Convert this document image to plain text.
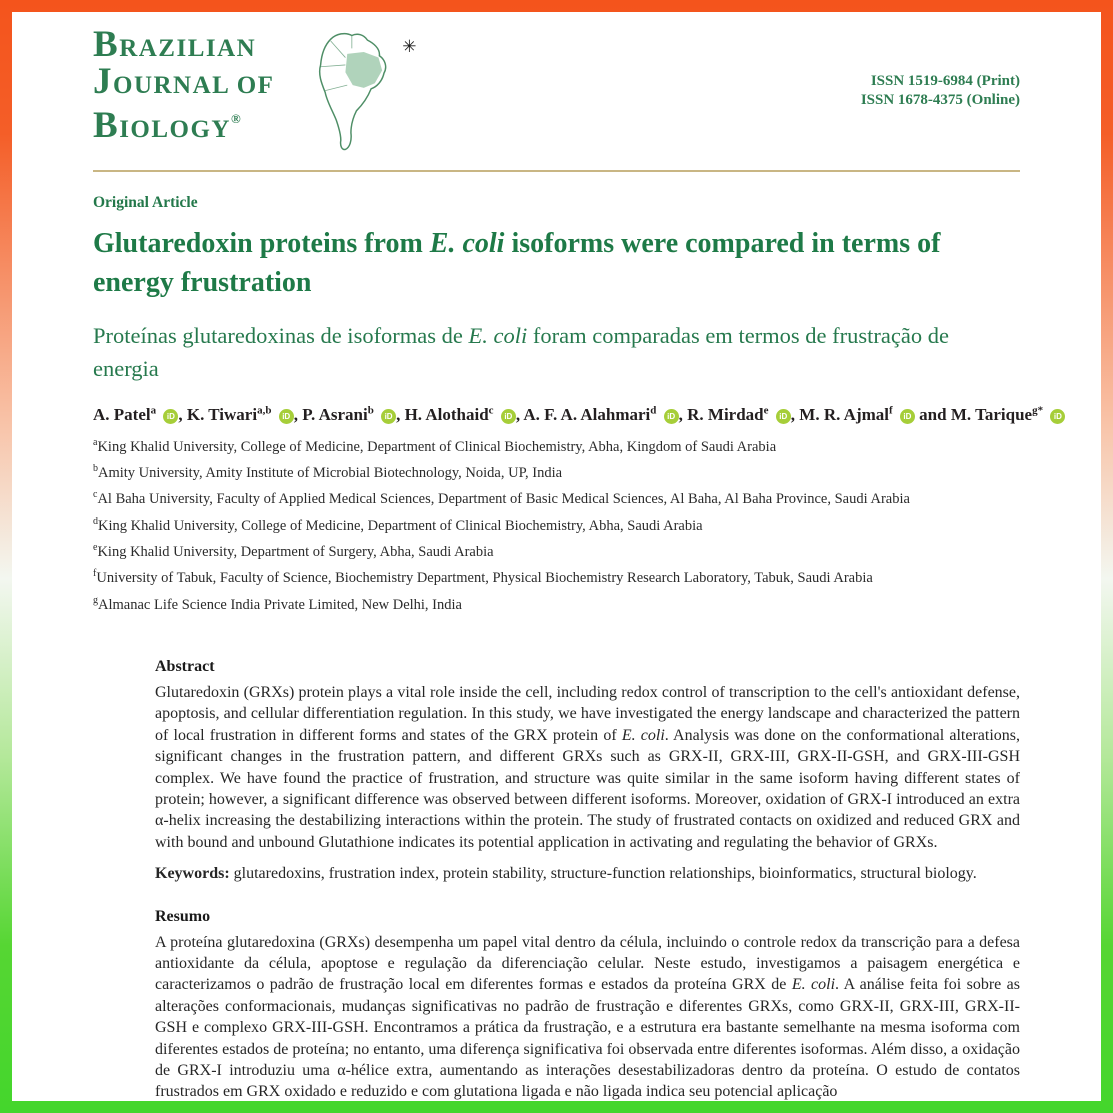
BRAZILIAN
JOURNAL OF
BIOLOGY®
✳
ISSN 1519-6984 (Print)
ISSN 1678-4375 (Online)
Original Article
Glutaredoxin proteins from E. coli isoforms were compared in terms of energy frustration
Proteínas glutaredoxinas de isoformas de E. coli foram comparadas em termos de frustração de energia
A. Patel$^a$ iD , K. Tiwari$^{a,b}$ iD , P. Asrani$^b$ iD , H. Alothaid$^c$ iD , A. F. A. Alahmari$^d$ iD , R. Mirdad$^e$ iD , M. R. Ajmal$^f$ iD and M. Tarique$^{g*}$ iD
$^a$King Khalid University, College of Medicine, Department of Clinical Biochemistry, Abha, Kingdom of Saudi Arabia
$^b$Amity University, Amity Institute of Microbial Biotechnology, Noida, UP, India
$^c$Al Baha University, Faculty of Applied Medical Sciences, Department of Basic Medical Sciences, Al Baha, Al Baha Province, Saudi Arabia
$^d$King Khalid University, College of Medicine, Department of Clinical Biochemistry, Abha, Saudi Arabia
$^e$King Khalid University, Department of Surgery, Abha, Saudi Arabia
$^f$University of Tabuk, Faculty of Science, Biochemistry Department, Physical Biochemistry Research Laboratory, Tabuk, Saudi Arabia
$^g$Almanac Life Science India Private Limited, New Delhi, India
Abstract

Glutaredoxin (GRXs) protein plays a vital role inside the cell, including redox control of transcription to the cell's antioxidant defense, apoptosis, and cellular differentiation regulation. In this study, we have investigated the energy landscape and characterized the pattern of local frustration in different forms and states of the GRX protein of E. coli. Analysis was done on the conformational alterations, significant changes in the frustration pattern, and different GRXs such as GRX-II, GRX-III, GRX-II-GSH, and GRX-III-GSH complex. We have found the practice of frustration, and structure was quite similar in the same isoform having different states of protein; however, a significant difference was observed between different isoforms. Moreover, oxidation of GRX-I introduced an extra α-helix increasing the destabilizing interactions within the protein. The study of frustrated contacts on oxidized and reduced GRX and with bound and unbound Glutathione indicates its potential application in activating and regulating the behavior of GRXs.

Keywords: glutaredoxins, frustration index, protein stability, structure-function relationships, bioinformatics, structural biology.

Resumo

A proteína glutaredoxina (GRXs) desempenha um papel vital dentro da célula, incluindo o controle redox da transcrição para a defesa antioxidante da célula, apoptose e regulação da diferenciação celular. Neste estudo, investigamos a paisagem energética e caracterizamos o padrão de frustração local em diferentes formas e estados da proteína GRX de E. coli. A análise feita foi sobre as alterações conformacionais, mudanças significativas no padrão de frustração e diferentes GRXs, como GRX-II, GRX-III, GRX-II-GSH e complexo GRX-III-GSH. Encontramos a prática da frustração, e a estrutura era bastante semelhante na mesma isoforma com diferentes estados de proteína; no entanto, uma diferença significativa foi observada entre diferentes isoformas. Além disso, a oxidação de GRX-I introduziu uma α-hélice extra, aumentando as interações desestabilizadoras dentro da proteína. O estudo de contatos frustrados em GRX oxidado e reduzido e com glutationa ligada e não ligada indica seu potencial aplicação
